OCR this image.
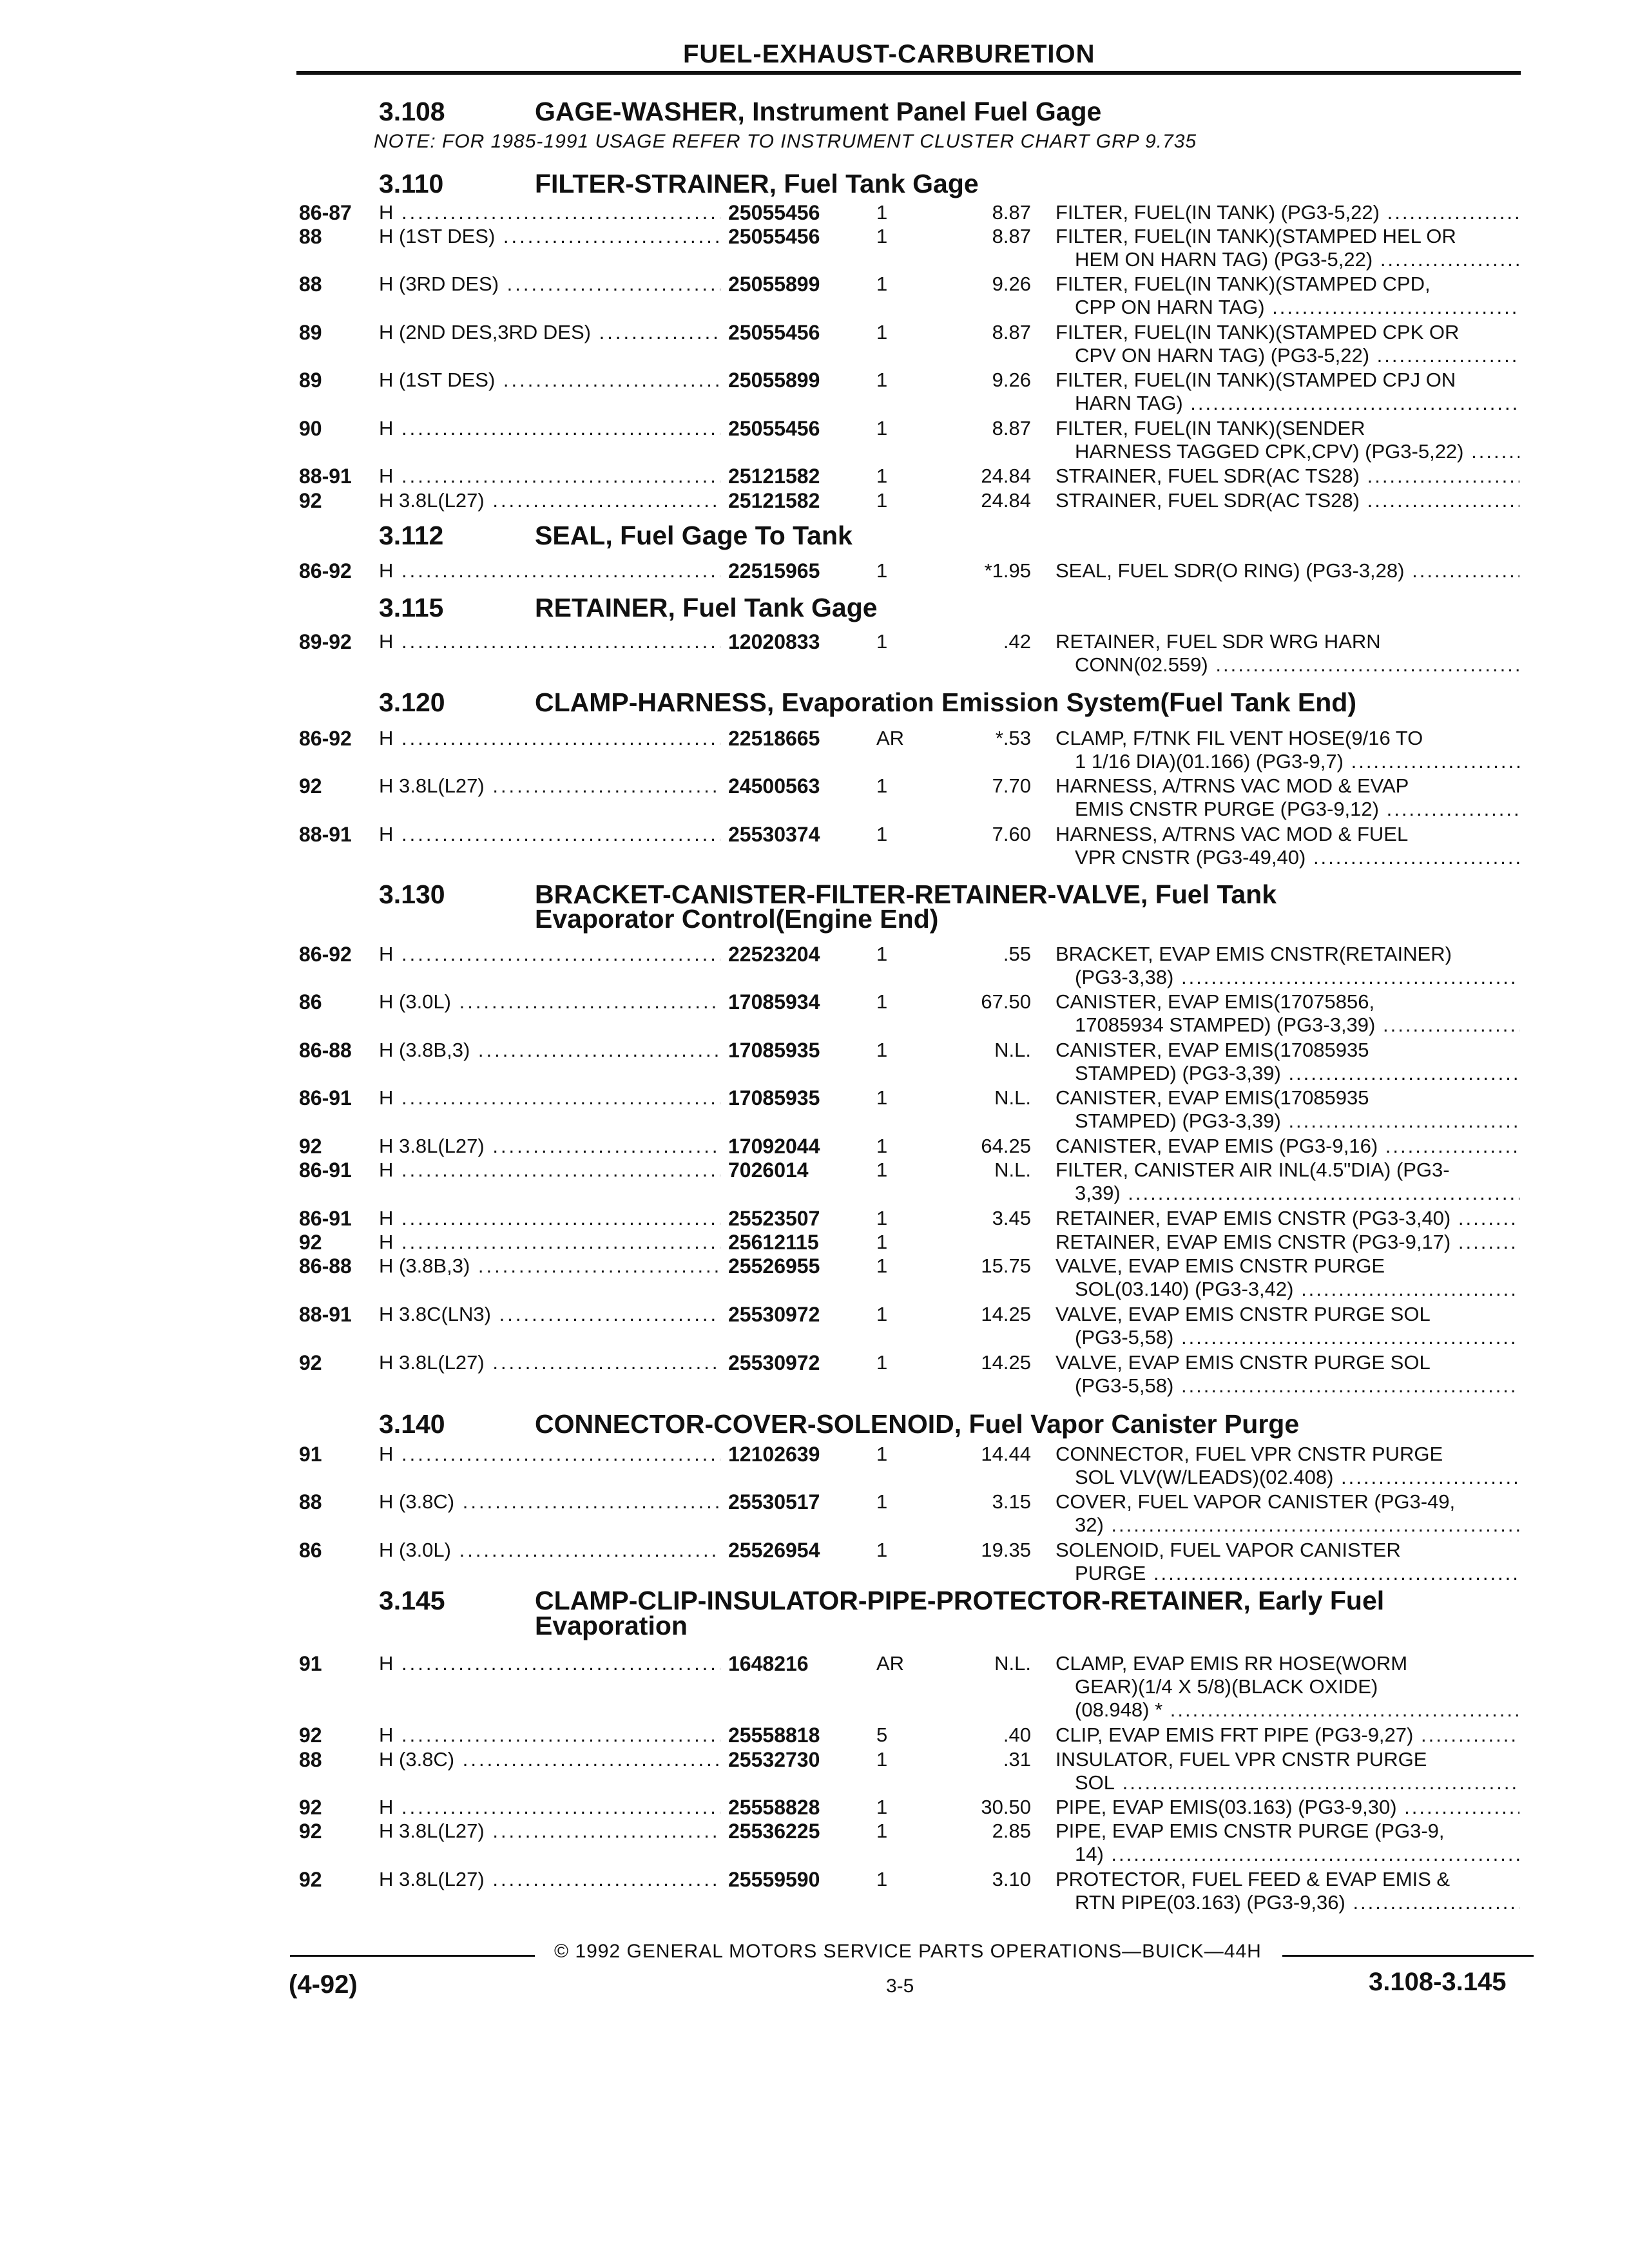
FUEL-EXHAUST-CARBURETION
3.108	GAGE-WASHER, Instrument Panel Fuel Gage
NOTE: FOR 1985-1991 USAGE REFER TO INSTRUMENT CLUSTER CHART GRP 9.735
3.110	FILTER-STRAINER, Fuel Tank Gage
86-87 H .....	25055456	1	8.87 FILTER, FUEL(IN TANK) (PG3-5,22) .....
88	H (1ST DES) .....	25055456	1	8.87 FILTER, FUEL(IN TANK)(STAMPED HEL OR
HEM ON HARN TAG) (PG3-5,22) .....
88	H (3RD DES) .....	25055899	1	9.26 FILTER, FUEL(IN TANK)(STAMPED CPD,
CPP ON HARN TAG) .....
89	H (2ND DES,3RD DES) .....	25055456	1	8.87 FILTER, FUEL(IN TANK)(STAMPED CPK OR
CPV ON HARN TAG) (PG3-5,22) .....
89	H (1ST DES) .....	25055899	1	9.26 FILTER, FUEL(IN TANK)(STAMPED CPJ ON
HARN TAG) .....
90	H .....	25055456	1	8.87 FILTER, FUEL(IN TANK)(SENDER
HARNESS TAGGED CPK,CPV) (PG3-5,22) .....
88-91 H .....	25121582	1	24.84 STRAINER, FUEL SDR(AC TS28) .....
92	H 3.8L(L27) .....	25121582	1	24.84 STRAINER, FUEL SDR(AC TS28) .....
3.112	SEAL, Fuel Gage To Tank
86-92 H .....	22515965	1	*1.95 SEAL, FUEL SDR(O RING) (PG3-3,28) .....
3.115	RETAINER, Fuel Tank Gage
89-92 H .....	12020833	1	.42 RETAINER, FUEL SDR WRG HARN
CONN(02.559) .....
3.120	CLAMP-HARNESS, Evaporation Emission System(Fuel Tank End)
86-92 H .....	22518665	AR	*.53 CLAMP, F/TNK FIL VENT HOSE(9/16 TO
1 1/16 DIA)(01.166) (PG3-9,7) .....
92	H 3.8L(L27) .....	24500563	1	7.70 HARNESS, A/TRNS VAC MOD & EVAP
EMIS CNSTR PURGE (PG3-9,12) .....
88-91 H .....	25530374	1	7.60 HARNESS, A/TRNS VAC MOD & FUEL
VPR CNSTR (PG3-49,40) .....
3.130	BRACKET-CANISTER-FILTER-RETAINER-VALVE, Fuel Tank
Evaporator Control(Engine End)
86-92 H .....	22523204	1	.55 BRACKET, EVAP EMIS CNSTR(RETAINER)
(PG3-3,38) .....
86	H (3.0L) .....	17085934	1	67.50 CANISTER, EVAP EMIS(17075856,
17085934 STAMPED) (PG3-3,39) .....
86-88 H (3.8B,3) .....	17085935	1	N.L. CANISTER, EVAP EMIS(17085935
STAMPED) (PG3-3,39) .....
86-91 H .....	17085935	1	N.L. CANISTER, EVAP EMIS(17085935
STAMPED) (PG3-3,39) .....
92	H 3.8L(L27) .....	17092044	1	64.25 CANISTER, EVAP EMIS (PG3-9,16) .....
86-91 H .....	7026014	1	N.L. FILTER, CANISTER AIR INL(4.5"DIA) (PG3-
3,39) .....
86-91 H .....	25523507	1	3.45 RETAINER, EVAP EMIS CNSTR (PG3-3,40) .....
92	H .....	25612115	1	RETAINER, EVAP EMIS CNSTR (PG3-9,17) .....
86-88 H (3.8B,3) .....	25526955	1	15.75 VALVE, EVAP EMIS CNSTR PURGE
SOL(03.140) (PG3-3,42) .....
88-91 H 3.8C(LN3) .....	25530972	1	14.25 VALVE, EVAP EMIS CNSTR PURGE SOL
(PG3-5,58) .....
92	H 3.8L(L27) .....	25530972	1	14.25 VALVE, EVAP EMIS CNSTR PURGE SOL
(PG3-5,58) .....
3.140	CONNECTOR-COVER-SOLENOID, Fuel Vapor Canister Purge
91	H .....	12102639	1	14.44 CONNECTOR, FUEL VPR CNSTR PURGE
SOL VLV(W/LEADS)(02.408) .....
88	H (3.8C) .....	25530517	1	3.15 COVER, FUEL VAPOR CANISTER (PG3-49,
32) .....
86	H (3.0L) .....	25526954	1	19.35 SOLENOID, FUEL VAPOR CANISTER
PURGE .....
3.145	CLAMP-CLIP-INSULATOR-PIPE-PROTECTOR-RETAINER, Early Fuel
Evaporation
91	H .....	1648216	AR	N.L. CLAMP, EVAP EMIS RR HOSE(WORM
GEAR)(1/4 X 5/8)(BLACK OXIDE)
(08.948) * .....
92	H .....	25558818	5	.40 CLIP, EVAP EMIS FRT PIPE (PG3-9,27) .....
88	H (3.8C) .....	25532730	1	.31 INSULATOR, FUEL VPR CNSTR PURGE
SOL .....
92	H .....	25558828	1	30.50 PIPE, EVAP EMIS(03.163) (PG3-9,30) .....
92	H 3.8L(L27) .....	25536225	1	2.85 PIPE, EVAP EMIS CNSTR PURGE (PG3-9,
14) .....
92	H 3.8L(L27) .....	25559590	1	3.10 PROTECTOR, FUEL FEED & EVAP EMIS &
RTN PIPE(03.163) (PG3-9,36) .....
© 1992 GENERAL MOTORS SERVICE PARTS OPERATIONS—BUICK—44H
(4-92)	3-5	3.108-3.145
